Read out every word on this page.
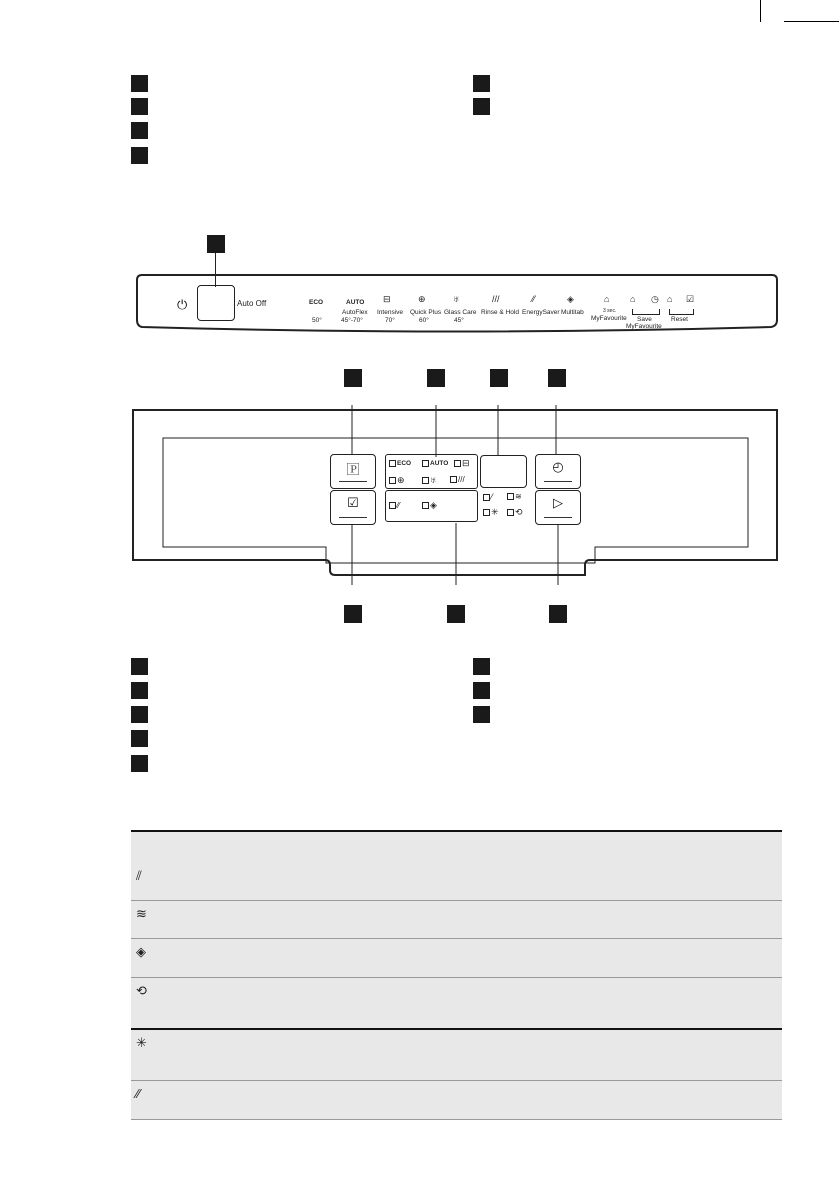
⏻	Auto Off	ECO
50°
AUTO
AutoFlex
45°-70°
⊟
Intensive
70°
⊕
Quick Plus
60°
♅
Glass Care
45°
///
Rinse & Hold
⁄⁄
EnergySaver
◈
Multitab
⌂
3 sec.
MyFavourite
⌂ ◷
Save
MyFavourite
⌂ ☑
Reset
🄿
☑
◴
▷
ECO	AUTO	⊟
⊕	♅	///
⁄⁄	◈
⁄	≋
✳	⟲
⫽
≋
◈
⟲
✳
⁄⁄
